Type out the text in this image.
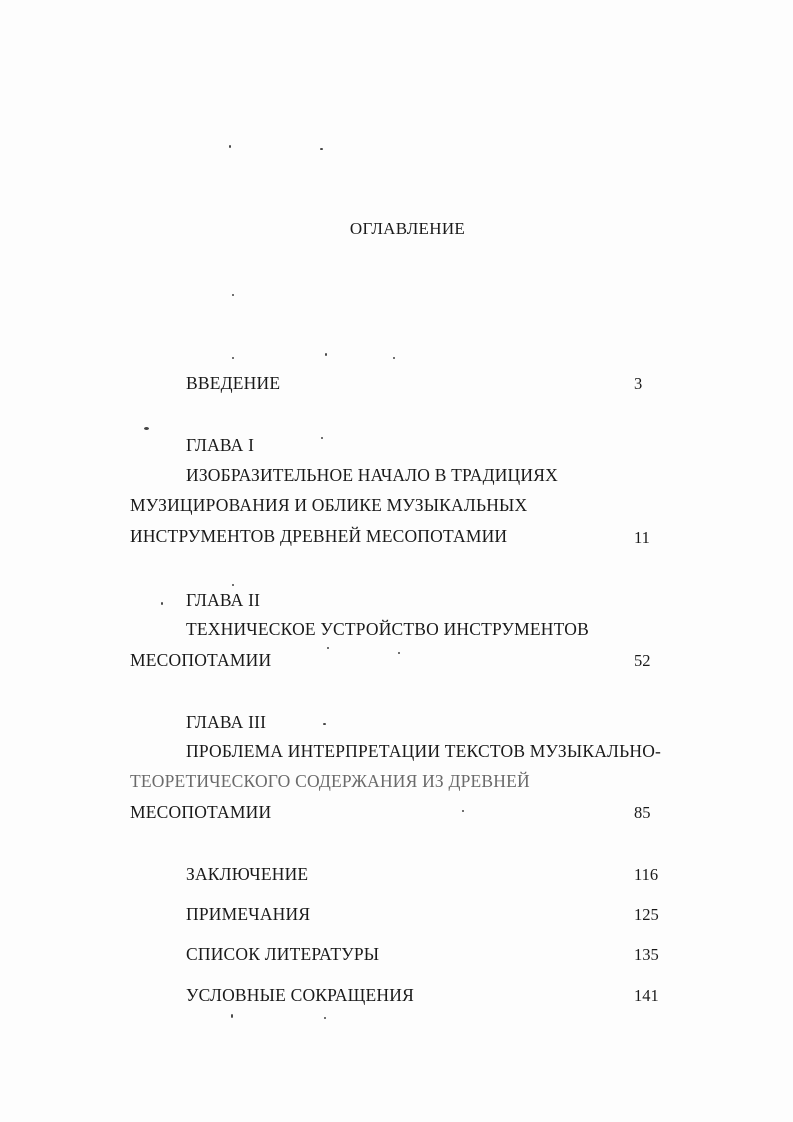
ОГЛАВЛЕНИЕ
ВВЕДЕНИЕ	3
ГЛАВА I
ИЗОБРАЗИТЕЛЬНОЕ НАЧАЛО В ТРАДИЦИЯХ
МУЗИЦИРОВАНИЯ И ОБЛИКЕ МУЗЫКАЛЬНЫХ
ИНСТРУМЕНТОВ ДРЕВНЕЙ МЕСОПОТАМИИ	11
ГЛАВА II
ТЕХНИЧЕСКОЕ УСТРОЙСТВО ИНСТРУМЕНТОВ
МЕСОПОТАМИИ	52
ГЛАВА III
ПРОБЛЕМА ИНТЕРПРЕТАЦИИ ТЕКСТОВ МУЗЫКАЛЬНО-
ТЕОРЕТИЧЕСКОГО СОДЕРЖАНИЯ ИЗ ДРЕВНЕЙ
МЕСОПОТАМИИ	85
ЗАКЛЮЧЕНИЕ	116
ПРИМЕЧАНИЯ	125
СПИСОК ЛИТЕРАТУРЫ	135
УСЛОВНЫЕ СОКРАЩЕНИЯ	141
